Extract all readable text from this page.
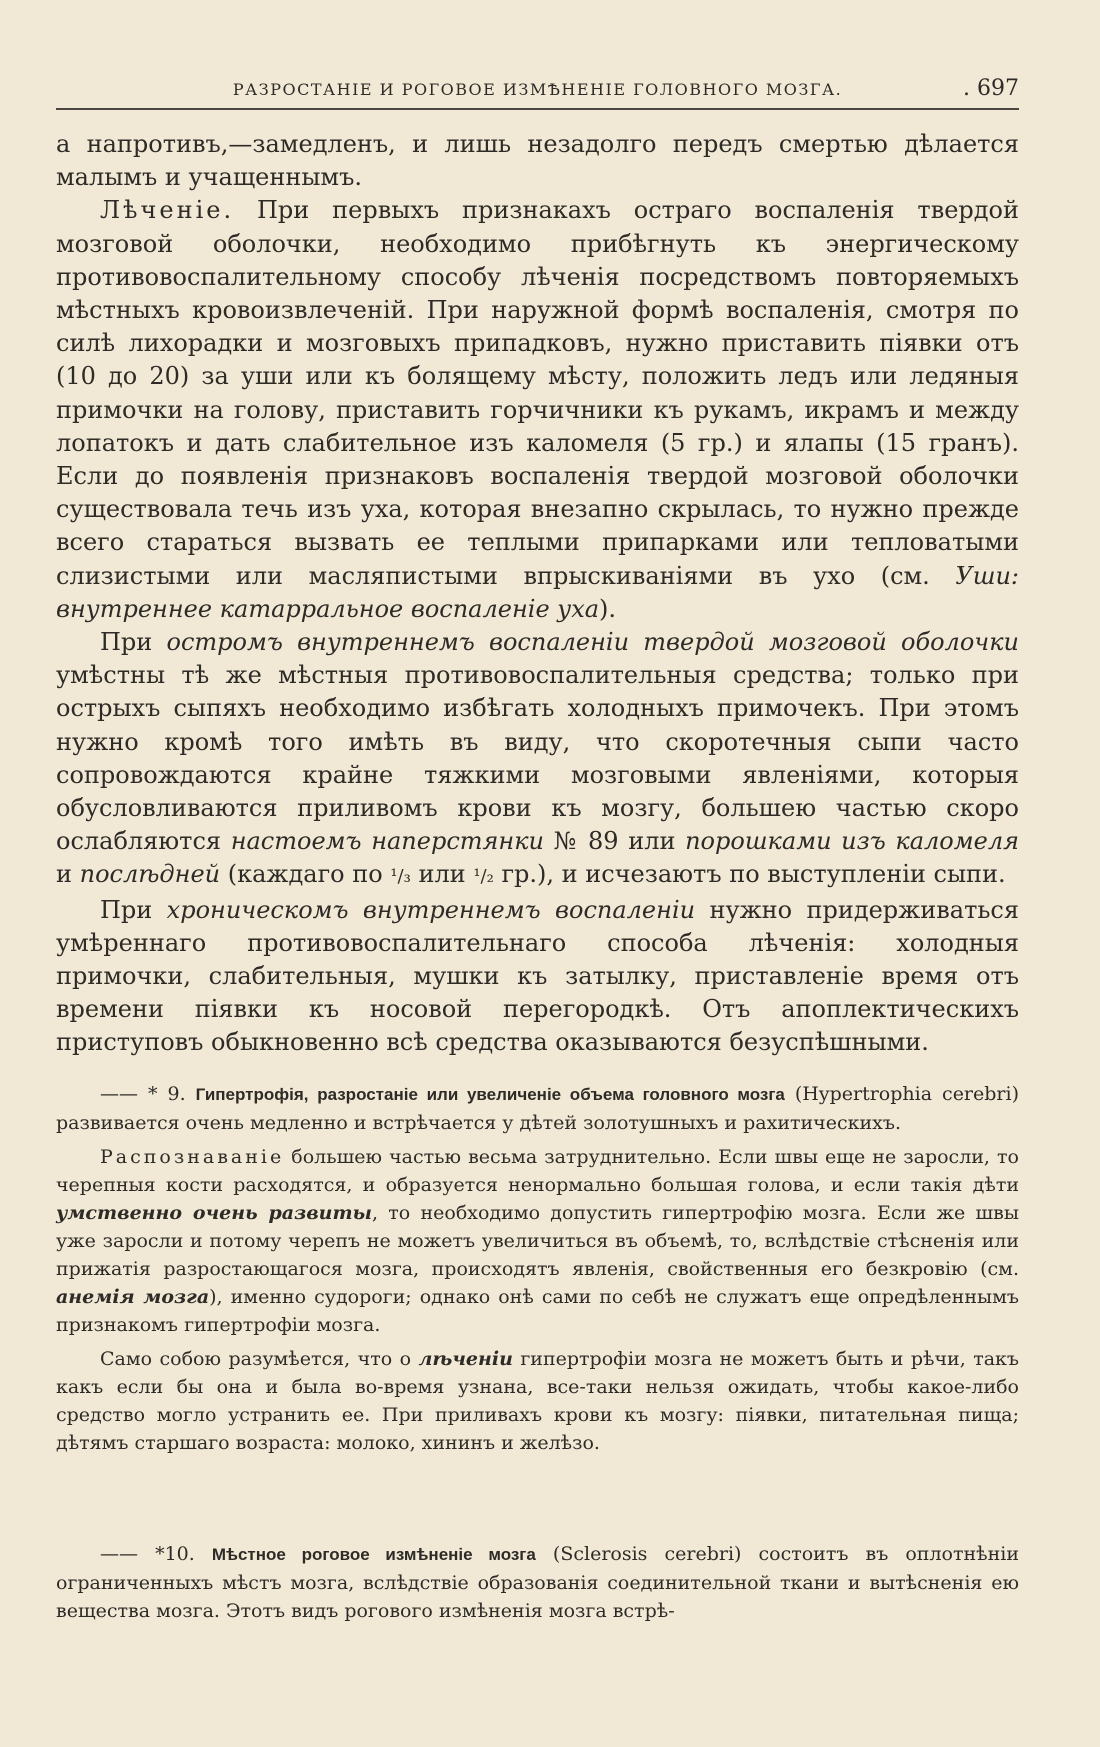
РАЗРОСТАНІЕ И РОГОВОЕ ИЗМѢНЕНІЕ ГОЛОВНОГО МОЗГА.	. 697

а напротивъ,—замедленъ, и лишь незадолго передъ смертью дѣлается малымъ и учащеннымъ.

Лѣченіе. При первыхъ признакахъ остраго воспаленія твердой мозговой оболочки, необходимо прибѣгнуть къ энергическому противовоспалительному способу лѣченія посредствомъ повторяемыхъ мѣстныхъ кровоизвлеченій. При наружной формѣ воспаленія, смотря по силѣ лихорадки и мозговыхъ припадковъ, нужно приставить піявки отъ (10 до 20) за уши или къ болящему мѣсту, положить ледъ или ледяныя примочки на голову, приставить горчичники къ рукамъ, икрамъ и между лопатокъ и дать слабительное изъ каломеля (5 гр.) и ялапы (15 гранъ). Если до появленія признаковъ воспаленія твердой мозговой оболочки существовала течь изъ уха, которая внезапно скрылась, то нужно прежде всего стараться вызвать ее теплыми припарками или тепловатыми слизистыми или масляпистыми впрыскиваніями въ ухо (см. Уши: внутреннее катарральное воспаленіе уха).

При остромъ внутреннемъ воспаленіи твердой мозговой оболочки умѣстны тѣ же мѣстныя противовоспалительныя средства; только при острыхъ сыпяхъ необходимо избѣгать холодныхъ примочекъ. При этомъ нужно кромѣ того имѣть въ виду, что скоротечныя сыпи часто сопровождаются крайне тяжкими мозговыми явленіями, которыя обусловливаются приливомъ крови къ мозгу, большею частью скоро ослабляются настоемъ наперстянки № 89 или порошками изъ каломеля и послѣдней (каждаго по ¹/₃ или ¹/₂ гр.), и исчезаютъ по выступленіи сыпи.

При хроническомъ внутреннемъ воспаленіи нужно придерживаться умѣреннаго противовоспалительнаго способа лѣченія: холодныя примочки, слабительныя, мушки къ затылку, приставленіе время отъ времени піявки къ носовой перегородкѣ. Отъ апоплектическихъ приступовъ обыкновенно всѣ средства оказываются безуспѣшными.

—— * 9. Гипертрофія, разростаніе или увеличеніе объема головного мозга (Hypertrophia cerebri) развивается очень медленно и встрѣчается у дѣтей золотушныхъ и рахитическихъ.

Распознаваніе большею частью весьма затруднительно. Если швы еще не заросли, то черепныя кости расходятся, и образуется ненормально большая голова, и если такія дѣти умственно очень развиты, то необходимо допустить гипертрофію мозга. Если же швы уже заросли и потому черепъ не можетъ увеличиться въ объемѣ, то, вслѣдствіе стѣсненія или прижатія разростающагося мозга, происходятъ явленія, свойственныя его безкровію (см. анемія мозга), именно судороги; однако онѣ сами по себѣ не служатъ еще опредѣленнымъ признакомъ гипертрофіи мозга.

Само собою разумѣется, что о лѣченіи гипертрофіи мозга не можетъ быть и рѣчи, такъ какъ если бы она и была во-время узнана, все-таки нельзя ожидать, чтобы какое-либо средство могло устранить ее. При приливахъ крови къ мозгу: піявки, питательная пища; дѣтямъ старшаго возраста: молоко, хининъ и желѣзо.

—— *10. Мѣстное роговое измѣненіе мозга (Sclerosis cerebri) состоитъ въ оплотнѣніи ограниченныхъ мѣстъ мозга, вслѣдствіе образованія соединительной ткани и вытѣсненія ею вещества мозга. Этотъ видъ рогового измѣненія мозга встрѣ-
